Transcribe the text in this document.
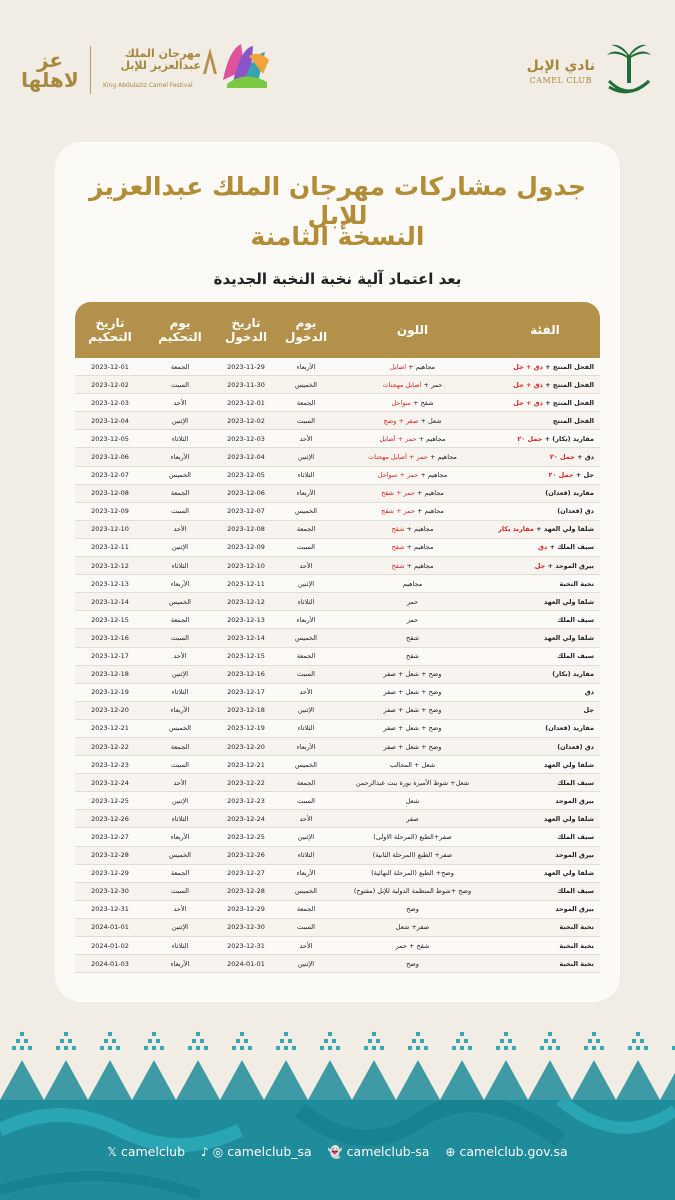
عز
لاهلها
مهرجان الملك
عبدالعزيز للإبل
King Abdulaziz Camel Festival
نادي الإبل
CAMEL CLUB
جدول مشاركات مهرجان الملك عبدالعزيز للإبل
النسخة الثامنة
بعد اعتماد آلية نخبة النخبة الجديدة
الفئة
اللون
يوم
الدخول
تاريخ
الدخول
يوم
التحكيم
تاريخ
التحكيم
الفحل المنتج + دق + جل
مجاهيم + اصايل
الأربعاء
2023-11-29
الجمعة
2023-12-01
الفحل المنتج + دق + جل
حمر + اصايل مهجنات
الخميس
2023-11-30
السبت
2023-12-02
الفحل المنتج + دق + جل
شقح + سواحل
الجمعة
2023-12-01
الأحد
2023-12-03
الفحل المنتج
شعل + صفر + وضح
السبت
2023-12-02
الإثنين
2023-12-04
مفاريد (بكار) + جمل ٢٠
مجاهيم + حمر + أصايل
الأحد
2023-12-03
الثلاثاء
2023-12-05
دق + جمل ٢٠
مجاهيم + حمر + أصايل مهجنات
الإثنين
2023-12-04
الأربعاء
2023-12-06
جل + جمل ٢٠
مجاهيم + حمر + سواحل
الثلاثاء
2023-12-05
الخميس
2023-12-07
مفاريد (قعدان)
مجاهيم + حمر + شقح
الأربعاء
2023-12-06
الجمعة
2023-12-08
دق (قعدان)
مجاهيم + حمر + شقح
الخميس
2023-12-07
السبت
2023-12-09
شلفا ولي العهد + مفاريد بكار
مجاهيم + شقح
الجمعة
2023-12-08
الأحد
2023-12-10
سيف الملك + دق
مجاهيم + شقح
السبت
2023-12-09
الإثنين
2023-12-11
بيرق الموحد + جل
مجاهيم + شقح
الأحد
2023-12-10
الثلاثاء
2023-12-12
نخبة النخبة
مجاهيم
الإثنين
2023-12-11
الأربعاء
2023-12-13
شلفا ولي العهد
حمر
الثلاثاء
2023-12-12
الخميس
2023-12-14
سيف الملك
حمر
الأربعاء
2023-12-13
الجمعة
2023-12-15
شلفا ولي العهد
شقح
الخميس
2023-12-14
السبت
2023-12-16
سيف الملك
شقح
الجمعة
2023-12-15
الأحد
2023-12-17
مفاريد (بكار)
وضح + شعل + صفر
السبت
2023-12-16
الإثنين
2023-12-18
دق
وضح + شعل + صفر
الأحد
2023-12-17
الثلاثاء
2023-12-19
جل
وضح + شعل + صفر
الإثنين
2023-12-18
الأربعاء
2023-12-20
مفاريد (قعدان)
وضح + شعل + صفر
الثلاثاء
2023-12-19
الخميس
2023-12-21
دق (قعدان)
وضح + شعل + صفر
الأربعاء
2023-12-20
الجمعة
2023-12-22
شلفا ولي العهد
شعل + المحالب
الخميس
2023-12-21
السبت
2023-12-23
سيف الملك
شعل+ شوط الأميرة نورة بنت عبدالرحمن
الجمعة
2023-12-22
الأحد
2023-12-24
بيرق الموحد
شعل
السبت
2023-12-23
الإثنين
2023-12-25
شلفا ولي العهد
صفر
الأحد
2023-12-24
الثلاثاء
2023-12-26
سيف الملك
صفر+الطبع (المرحلة الاولى)
الإثنين
2023-12-25
الأربعاء
2023-12-27
بيرق الموحد
صفر+ الطبع (المرحلة الثانية)
الثلاثاء
2023-12-26
الخميس
2023-12-28
شلفا ولي العهد
وضح+ الطبع (المرحلة النهائية)
الأربعاء
2023-12-27
الجمعة
2023-12-29
سيف الملك
وضح +شوط المنظمة الدولية للإبل (مفتوح)
الخميس
2023-12-28
السبت
2023-12-30
بيرق الموحد
وضح
الجمعة
2023-12-29
الأحد
2023-12-31
نخبة النخبة
صفر+ شعل
السبت
2023-12-30
الإثنين
2024-01-01
نخبة النخبة
شقح + حمر
الأحد
2023-12-31
الثلاثاء
2024-01-02
نخبة النخبة
وضح
الإثنين
2024-01-01
الأربعاء
2024-01-03
𝕏 camelclub ♪ ◎ camelclub_sa 👻 camelclub-sa ⊕ camelclub.gov.sa
